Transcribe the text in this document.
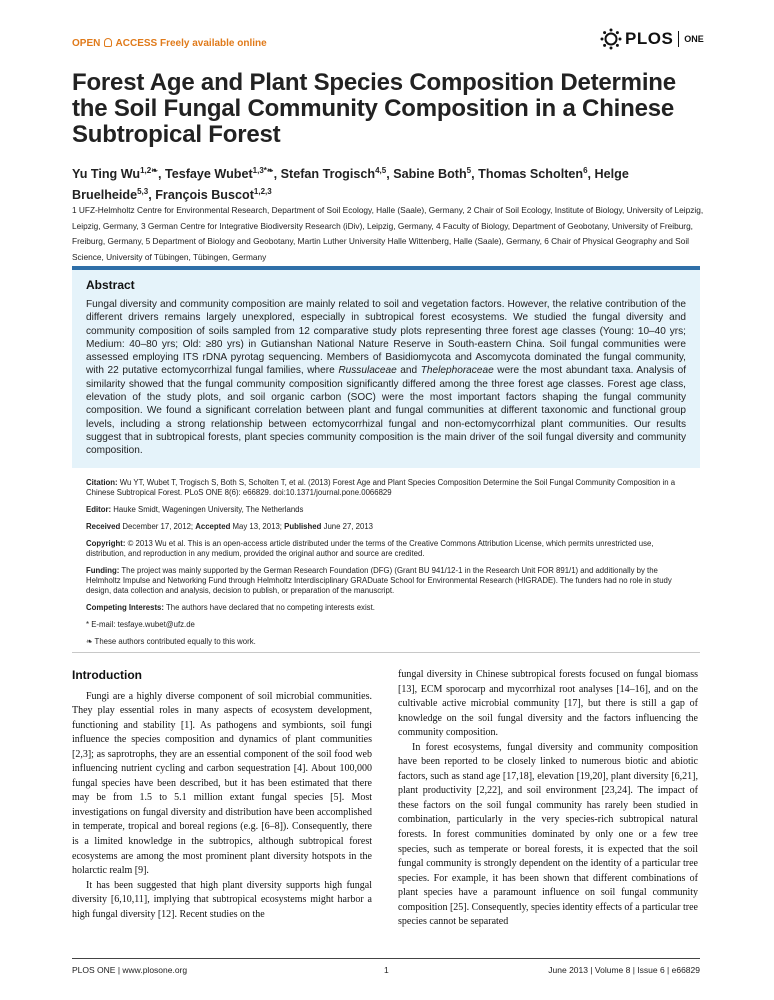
OPEN ACCESS Freely available online	PLOS ONE
Forest Age and Plant Species Composition Determine the Soil Fungal Community Composition in a Chinese Subtropical Forest
Yu Ting $Wu^{1,2❧}$, Tesfaye Wubet$^{1,3*❧}$, Stefan Trogisch$^{4,5}$, Sabine Both$^5$, Thomas Scholten$^6$, Helge Bruelheide$^{5,3}$, François Buscot$^{1,2,3}$
1 UFZ-Helmholtz Centre for Environmental Research, Department of Soil Ecology, Halle (Saale), Germany, 2 Chair of Soil Ecology, Institute of Biology, University of Leipzig, Leipzig, Germany, 3 German Centre for Integrative Biodiversity Research (iDiv), Leipzig, Germany, 4 Faculty of Biology, Department of Geobotany, University of Freiburg, Freiburg, Germany, 5 Department of Biology and Geobotany, Martin Luther University Halle Wittenberg, Halle (Saale), Germany, 6 Chair of Physical Geography and Soil Science, University of Tübingen, Tübingen, Germany
Abstract
Fungal diversity and community composition are mainly related to soil and vegetation factors. However, the relative contribution of the different drivers remains largely unexplored, especially in subtropical forest ecosystems. We studied the fungal diversity and community composition of soils sampled from 12 comparative study plots representing three forest age classes (Young: 10–40 yrs; Medium: 40–80 yrs; Old: ≥80 yrs) in Gutianshan National Nature Reserve in South-eastern China. Soil fungal communities were assessed employing ITS rDNA pyrotag sequencing. Members of Basidiomycota and Ascomycota dominated the fungal community, with 22 putative ectomycorrhizal fungal families, where Russulaceae and Thelephoraceae were the most abundant taxa. Analysis of similarity showed that the fungal community composition significantly differed among the three forest age classes. Forest age class, elevation of the study plots, and soil organic carbon (SOC) were the most important factors shaping the fungal community composition. We found a significant correlation between plant and fungal communities at different taxonomic and functional group levels, including a strong relationship between ectomycorrhizal fungal and non-ectomycorrhizal plant communities. Our results suggest that in subtropical forests, plant species community composition is the main driver of the soil fungal diversity and community composition.

Citation: Wu YT, Wubet T, Trogisch S, Both S, Scholten T, et al. (2013) Forest Age and Plant Species Composition Determine the Soil Fungal Community Composition in a Chinese Subtropical Forest. PLoS ONE 8(6): e66829. doi:10.1371/journal.pone.0066829

Editor: Hauke Smidt, Wageningen University, The Netherlands

Received December 17, 2012; Accepted May 13, 2013; Published June 27, 2013

Copyright: © 2013 Wu et al. This is an open-access article distributed under the terms of the Creative Commons Attribution License, which permits unrestricted use, distribution, and reproduction in any medium, provided the original author and source are credited.

Funding: The project was mainly supported by the German Research Foundation (DFG) (Grant BU 941/12-1 in the Research Unit FOR 891/1) and additionally by the Helmholtz Impulse and Networking Fund through Helmholtz Interdisciplinary GRADuate School for Environmental Research (HIGRADE). The funders had no role in study design, data collection and analysis, decision to publish, or preparation of the manuscript.

Competing Interests: The authors have declared that no competing interests exist.

* E-mail: tesfaye.wubet@ufz.de

❧ These authors contributed equally to this work.

Introduction

Fungi are a highly diverse component of soil microbial communities. They play essential roles in many aspects of ecosystem development, functioning and stability [1]. As pathogens and symbionts, soil fungi influence the species composition and dynamics of plant communities [2,3]; as saprotrophs, they are an essential component of the soil food web influencing nutrient cycling and carbon sequestration [4]. About 100,000 fungal species have been described, but it has been estimated that there may be from 1.5 to 5.1 million extant fungal species [5]. Most investigations on fungal diversity and distribution have been accomplished in temperate, tropical and boreal regions (e.g. [6–8]). Consequently, there is a limited knowledge in the subtropics, although subtropical forest ecosystems are among the most prominent plant diversity hotspots in the holarctic realm [9].

It has been suggested that high plant diversity supports high fungal diversity [6,10,11], implying that subtropical ecosystems might harbor a high fungal diversity [12]. Recent studies on the

fungal diversity in Chinese subtropical forests focused on fungal biomass [13], ECM sporocarp and mycorrhizal root analyses [14–16], and on the cultivable active microbial community [17], but there is still a gap of knowledge on the soil fungal diversity and the factors influencing the community composition.

In forest ecosystems, fungal diversity and community composition have been reported to be closely linked to numerous biotic and abiotic factors, such as stand age [17,18], elevation [19,20], plant diversity [6,21], plant productivity [2,22], and soil environment [23,24]. The impact of these factors on the soil fungal community has rarely been studied in combination, particularly in the very species-rich subtropical natural forests. In forest communities dominated by only one or a few tree species, such as temperate or boreal forests, it is expected that the soil fungal community is strongly dependent on the identity of a particular tree species. For example, it has been shown that different combinations of plant species have a paramount influence on soil fungal community composition [25]. Consequently, species identity effects of a particular tree species cannot be separated

PLOS ONE | www.plosone.org	1	June 2013 | Volume 8 | Issue 6 | e66829
